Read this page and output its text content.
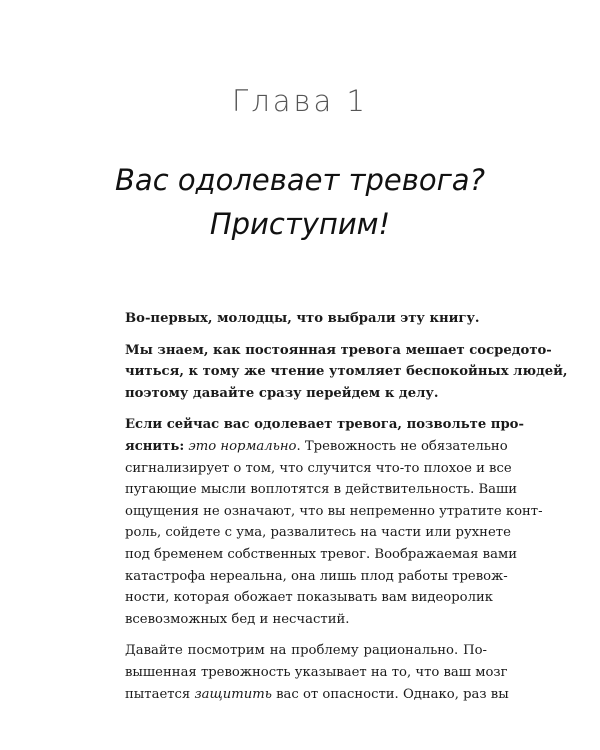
Глава 1
Вас одолевает тревога?
Приступим!

Во-первых, молодцы, что выбрали эту книгу.

Мы знаем, как постоянная тревога мешает сосредото-
читься, к тому же чтение утомляет беспокойных людей,
поэтому давайте сразу перейдем к делу.

Если сейчас вас одолевает тревога, позвольте про-
яснить: это нормально. Тревожность не обязательно
сигнализирует о том, что случится что-то плохое и все
пугающие мысли воплотятся в действительность. Ваши
ощущения не означают, что вы непременно утратите конт-
роль, сойдете с ума, развалитесь на части или рухнете
под бременем собственных тревог. Воображаемая вами
катастрофа нереальна, она лишь плод работы тревож-
ности, которая обожает показывать вам видеоролик
всевозможных бед и несчастий.

Давайте посмотрим на проблему рационально. По-
вышенная тревожность указывает на то, что ваш мозг
пытается защитить вас от опасности. Однако, раз вы
